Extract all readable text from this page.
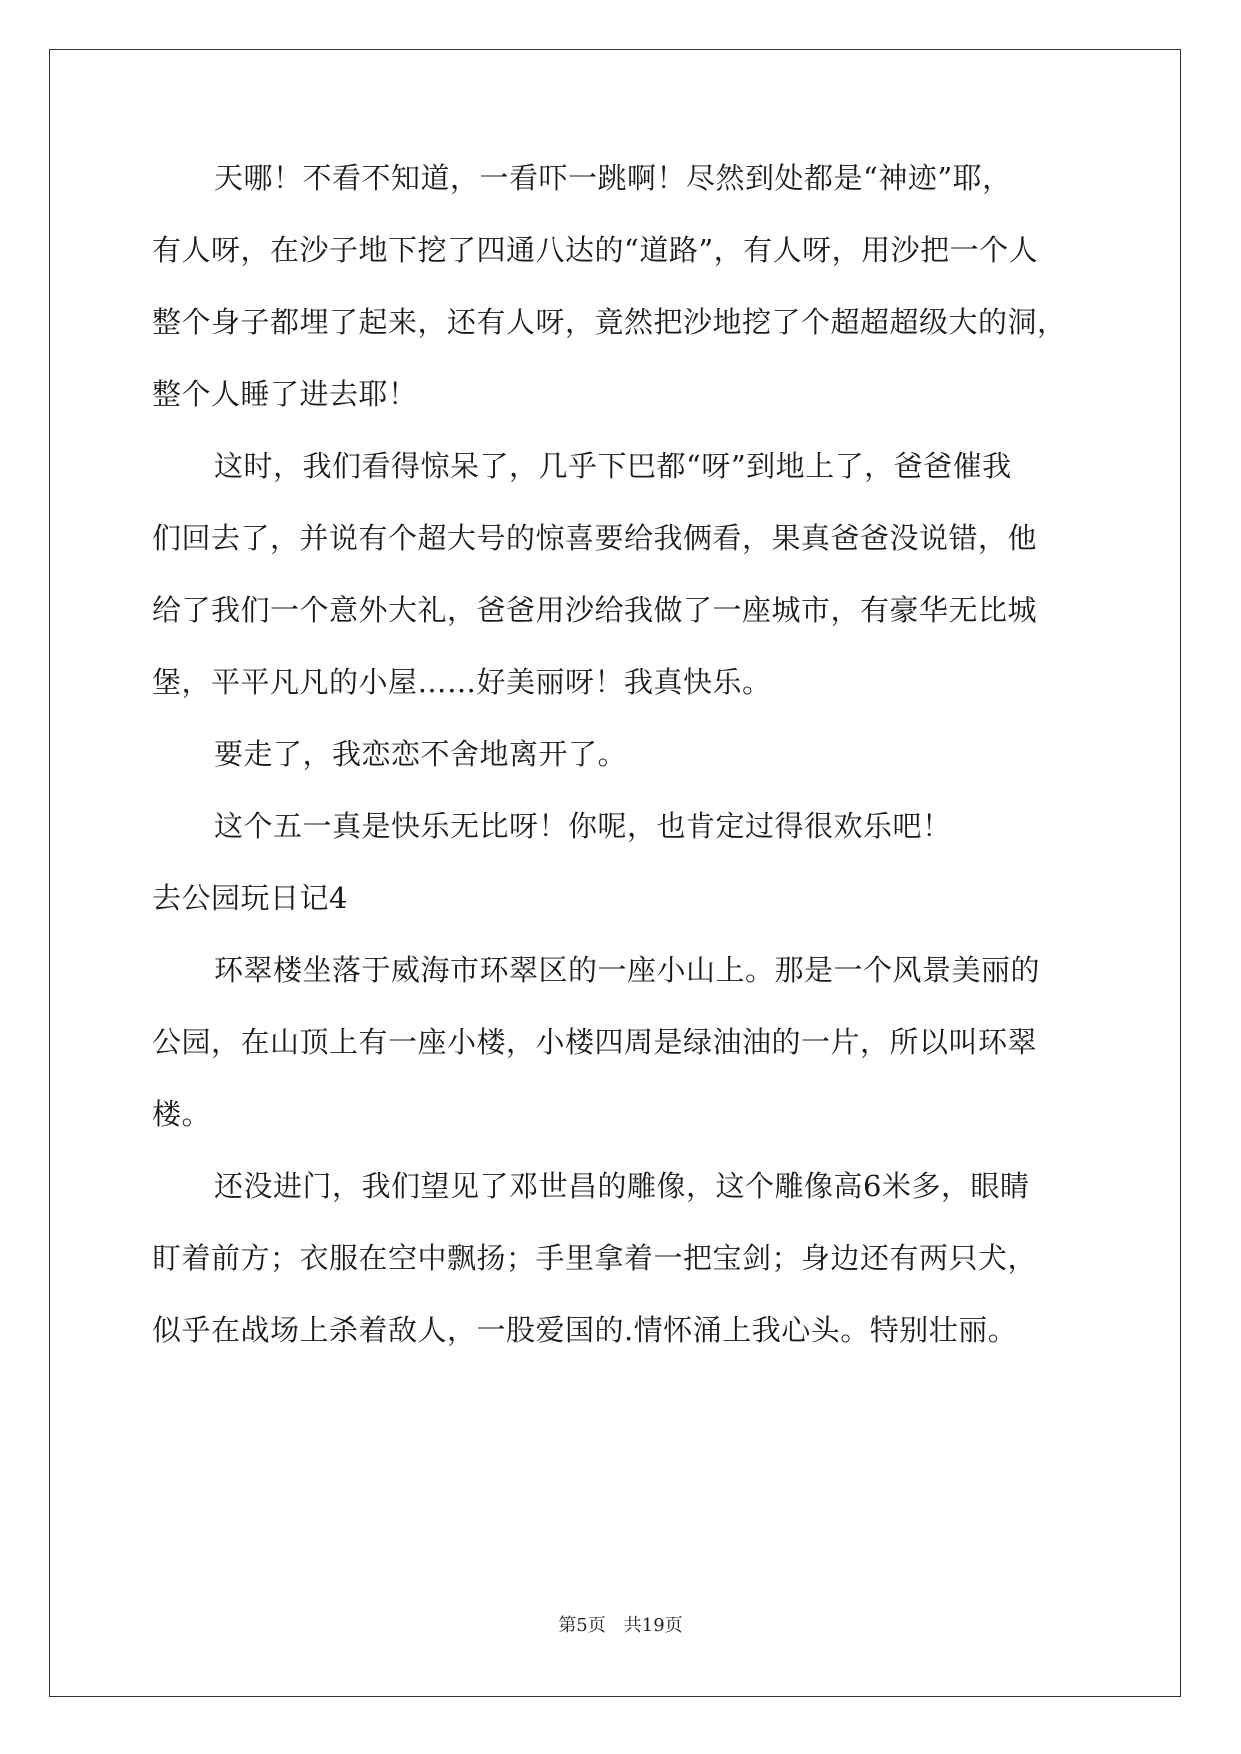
天哪！不看不知道，一看吓一跳啊！尽然到处都是“神迹”耶，
有人呀，在沙子地下挖了四通八达的“道路”，有人呀，用沙把一个人
整个身子都埋了起来，还有人呀，竟然把沙地挖了个超超超级大的洞，
整个人睡了进去耶！
这时，我们看得惊呆了，几乎下巴都“呀”到地上了，爸爸催我
们回去了，并说有个超大号的惊喜要给我俩看，果真爸爸没说错，他
给了我们一个意外大礼，爸爸用沙给我做了一座城市，有豪华无比城
堡，平平凡凡的小屋……好美丽呀！我真快乐。
要走了，我恋恋不舍地离开了。
这个五一真是快乐无比呀！你呢，也肯定过得很欢乐吧！
去公园玩日记4
环翠楼坐落于威海市环翠区的一座小山上。那是一个风景美丽的
公园，在山顶上有一座小楼，小楼四周是绿油油的一片，所以叫环翠
楼。
还没进门，我们望见了邓世昌的雕像，这个雕像高6米多，眼睛
盯着前方；衣服在空中飘扬；手里拿着一把宝剑；身边还有两只犬，
似乎在战场上杀着敌人，一股爱国的.情怀涌上我心头。特别壮丽。
第5页　共19页
